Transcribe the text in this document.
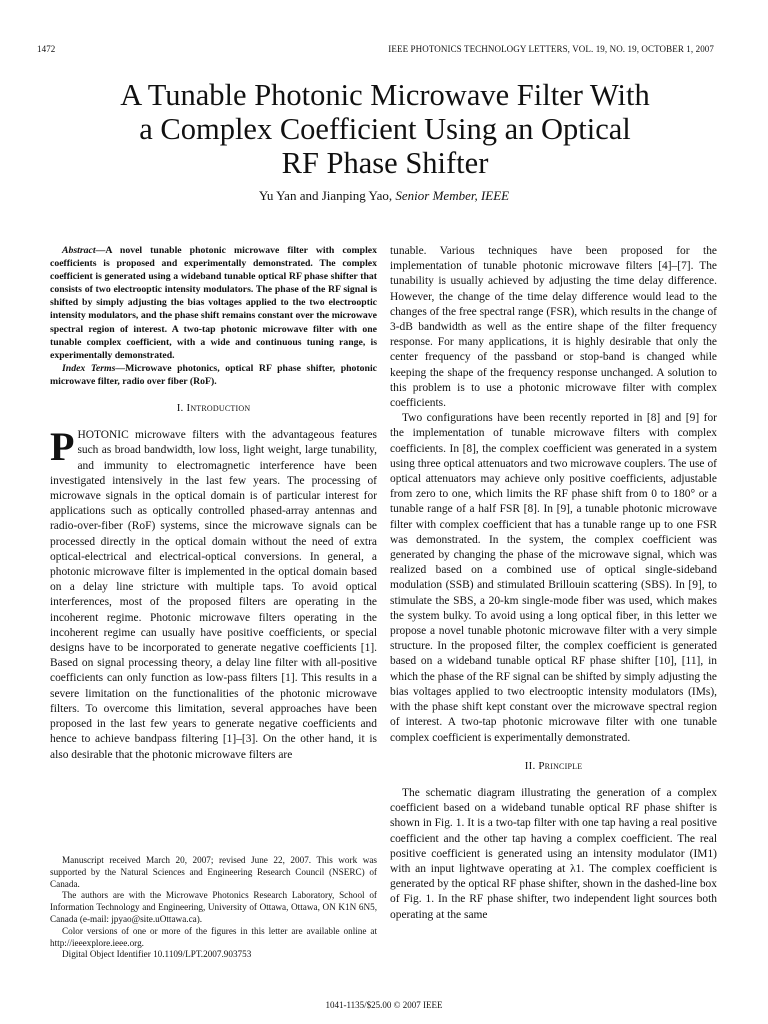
1472	IEEE PHOTONICS TECHNOLOGY LETTERS, VOL. 19, NO. 19, OCTOBER 1, 2007
A Tunable Photonic Microwave Filter With
a Complex Coefficient Using an Optical
RF Phase Shifter
Yu Yan and Jianping Yao, Senior Member, IEEE

Abstract—A novel tunable photonic microwave filter with complex coefficients is proposed and experimentally demonstrated. The complex coefficient is generated using a wideband tunable optical RF phase shifter that consists of two electrooptic intensity modulators. The phase of the RF signal is shifted by simply adjusting the bias voltages applied to the two electrooptic intensity modulators, and the phase shift remains constant over the microwave spectral region of interest. A two-tap photonic microwave filter with one tunable complex coefficient, with a wide and continuous tuning range, is experimentally demonstrated.

Index Terms—Microwave photonics, optical RF phase shifter, photonic microwave filter, radio over fiber (RoF).

I. Introduction

PHOTONIC microwave filters with the advantageous features such as broad bandwidth, low loss, light weight, large tunability, and immunity to electromagnetic interference have been investigated intensively in the last few years. The processing of microwave signals in the optical domain is of particular interest for applications such as optically controlled phased-array antennas and radio-over-fiber (RoF) systems, since the microwave signals can be processed directly in the optical domain without the need of extra optical-electrical and electrical-optical conversions. In general, a photonic microwave filter is implemented in the optical domain based on a delay line stricture with multiple taps. To avoid optical interferences, most of the proposed filters are operating in the incoherent regime. Photonic microwave filters operating in the incoherent regime can usually have positive coefficients, or special designs have to be incorporated to generate negative coefficients [1]. Based on signal processing theory, a delay line filter with all-positive coefficients can only function as low-pass filters [1]. This results in a severe limitation on the functionalities of the photonic microwave filters. To overcome this limitation, several approaches have been proposed in the last few years to generate negative coefficients and hence to achieve bandpass filtering [1]–[3]. On the other hand, it is also desirable that the photonic microwave filters are

tunable. Various techniques have been proposed for the implementation of tunable photonic microwave filters [4]–[7]. The tunability is usually achieved by adjusting the time delay difference. However, the change of the time delay difference would lead to the changes of the free spectral range (FSR), which results in the change of 3-dB bandwidth as well as the entire shape of the filter frequency response. For many applications, it is highly desirable that only the center frequency of the passband or stop-band is changed while keeping the shape of the frequency response unchanged. A solution to this problem is to use a photonic microwave filter with complex coefficients.

Two configurations have been recently reported in [8] and [9] for the implementation of tunable microwave filters with complex coefficients. In [8], the complex coefficient was generated in a system using three optical attenuators and two microwave couplers. The use of optical attenuators may achieve only positive coefficients, adjustable from zero to one, which limits the RF phase shift from 0 to 180° or a tunable range of a half FSR [8]. In [9], a tunable photonic microwave filter with complex coefficient that has a tunable range up to one FSR was demonstrated. In the system, the complex coefficient was generated by changing the phase of the microwave signal, which was realized based on a combined use of optical single-sideband modulation (SSB) and stimulated Brillouin scattering (SBS). In [9], to stimulate the SBS, a 20-km single-mode fiber was used, which makes the system bulky. To avoid using a long optical fiber, in this letter we propose a novel tunable photonic microwave filter with a very simple structure. In the proposed filter, the complex coefficient is generated based on a wideband tunable optical RF phase shifter [10], [11], in which the phase of the RF signal can be shifted by simply adjusting the bias voltages applied to two electrooptic intensity modulators (IMs), with the phase shift kept constant over the microwave spectral region of interest. A two-tap photonic microwave filter with one tunable complex coefficient is experimentally demonstrated.

II. Principle

The schematic diagram illustrating the generation of a complex coefficient based on a wideband tunable optical RF phase shifter is shown in Fig. 1. It is a two-tap filter with one tap having a real positive coefficient and the other tap having a complex coefficient. The real positive coefficient is generated using an intensity modulator (IM1) with an input lightwave operating at λ1. The complex coefficient is generated by the optical RF phase shifter, shown in the dashed-line box of Fig. 1. In the RF phase shifter, two independent light sources both operating at the same

Manuscript received March 20, 2007; revised June 22, 2007. This work was supported by the Natural Sciences and Engineering Research Council (NSERC) of Canada.

The authors are with the Microwave Photonics Research Laboratory, School of Information Technology and Engineering, University of Ottawa, Ottawa, ON K1N 6N5, Canada (e-mail: jpyao@site.uOttawa.ca).

Color versions of one or more of the figures in this letter are available online at http://ieeexplore.ieee.org.

Digital Object Identifier 10.1109/LPT.2007.903753

1041-1135/$25.00 © 2007 IEEE
